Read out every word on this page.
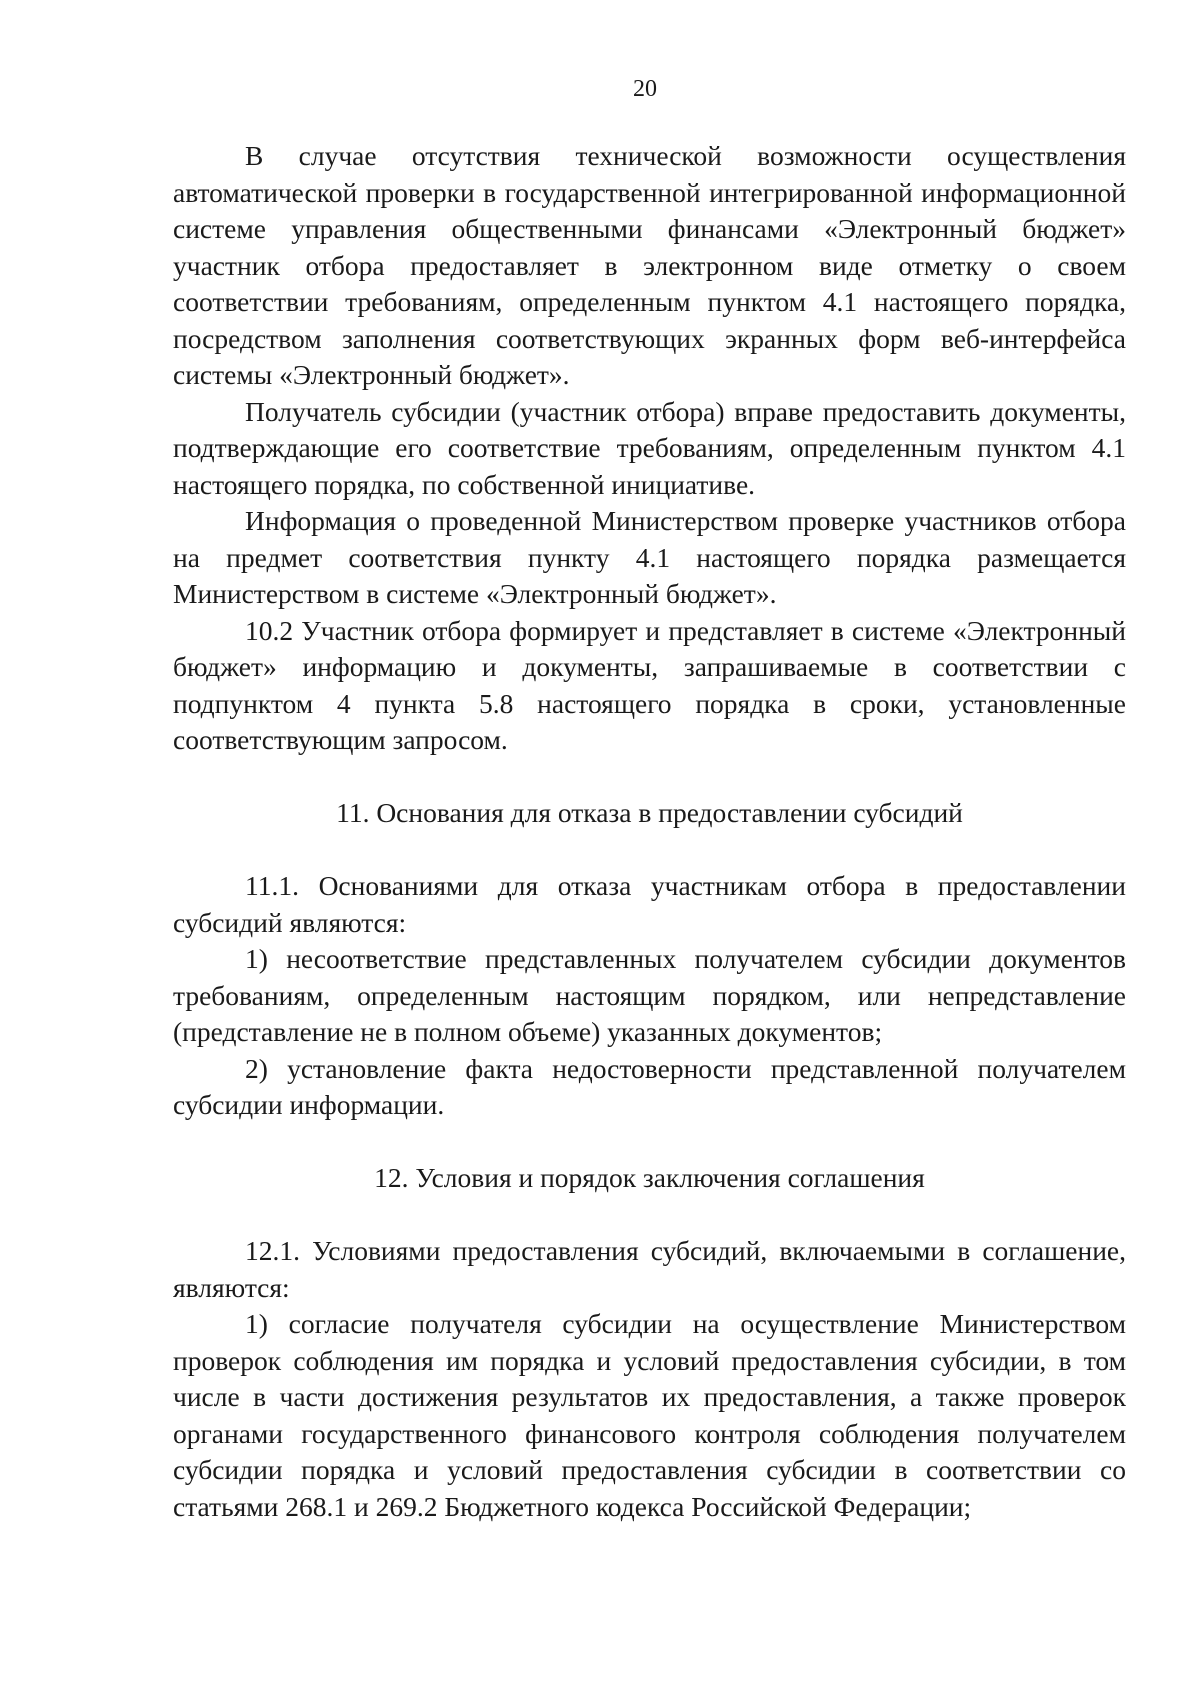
20

В случае отсутствия технической возможности осуществления автоматической проверки в государственной интегрированной информационной системе управления общественными финансами «Электронный бюджет» участник отбора предоставляет в электронном виде отметку о своем соответствии требованиям, определенным пунктом 4.1 настоящего порядка, посредством заполнения соответствующих экранных форм веб-интерфейса системы «Электронный бюджет».

Получатель субсидии (участник отбора) вправе предоставить документы, подтверждающие его соответствие требованиям, определенным пунктом 4.1 настоящего порядка, по собственной инициативе.

Информация о проведенной Министерством проверке участников отбора на предмет соответствия пункту 4.1 настоящего порядка размещается Министерством в системе «Электронный бюджет».

10.2 Участник отбора формирует и представляет в системе «Электронный бюджет» информацию и документы, запрашиваемые в соответствии с подпунктом 4 пункта 5.8 настоящего порядка в сроки, установленные соответствующим запросом.

11. Основания для отказа в предоставлении субсидий

11.1. Основаниями для отказа участникам отбора в предоставлении субсидий являются:

1) несоответствие представленных получателем субсидии документов требованиям, определенным настоящим порядком, или непредставление (представление не в полном объеме) указанных документов;

2) установление факта недостоверности представленной получателем субсидии информации.

12. Условия и порядок заключения соглашения

12.1. Условиями предоставления субсидий, включаемыми в соглашение, являются:

1) согласие получателя субсидии на осуществление Министерством проверок соблюдения им порядка и условий предоставления субсидии, в том числе в части достижения результатов их предоставления, а также проверок органами государственного финансового контроля соблюдения получателем субсидии порядка и условий предоставления субсидии в соответствии со статьями 268.1 и 269.2 Бюджетного кодекса Российской Федерации;
